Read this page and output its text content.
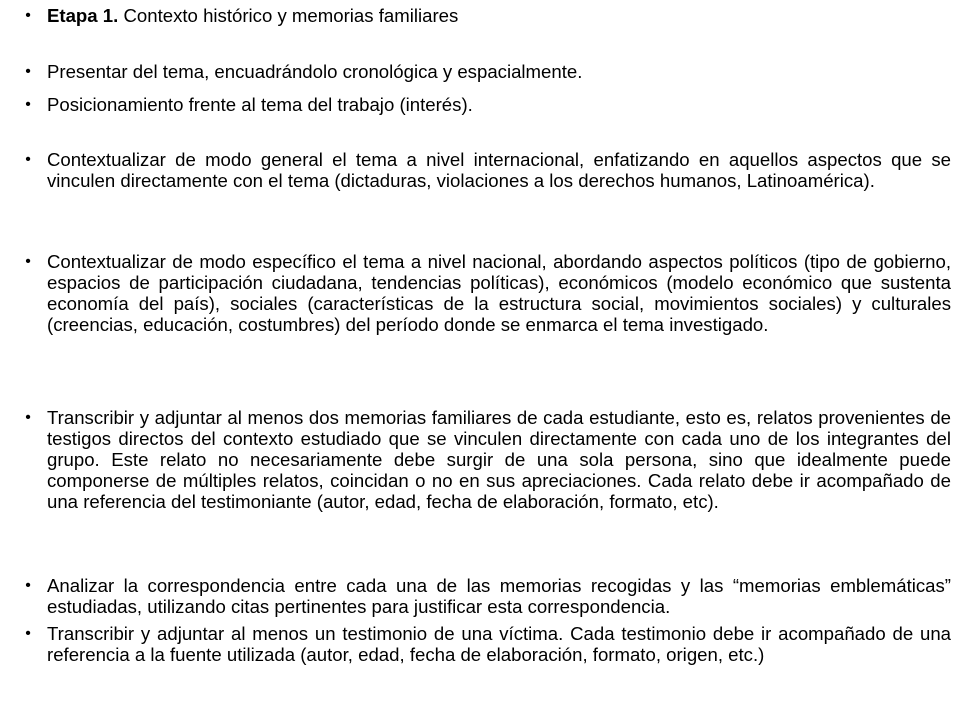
• Etapa 1. Contexto histórico y memorias familiares
• Presentar del tema, encuadrándolo cronológica y espacialmente.
• Posicionamiento frente al tema del trabajo (interés).
• Contextualizar de modo general el tema a nivel internacional, enfatizando en aquellos aspectos que se vinculen directamente con el tema (dictaduras, violaciones a los derechos humanos, Latinoamérica).
• Contextualizar de modo específico el tema a nivel nacional, abordando aspectos políticos (tipo de gobierno, espacios de participación ciudadana, tendencias políticas), económicos (modelo económico que sustenta economía del país), sociales (características de la estructura social, movimientos sociales) y culturales (creencias, educación, costumbres) del período donde se enmarca el tema investigado.
• Transcribir y adjuntar al menos dos memorias familiares de cada estudiante, esto es, relatos provenientes de testigos directos del contexto estudiado que se vinculen directamente con cada uno de los integrantes del grupo. Este relato no necesariamente debe surgir de una sola persona, sino que idealmente puede componerse de múltiples relatos, coincidan o no en sus apreciaciones. Cada relato debe ir acompañado de una referencia del testimoniante (autor, edad, fecha de elaboración, formato, etc).
• Analizar la correspondencia entre cada una de las memorias recogidas y las “memorias emblemáticas” estudiadas, utilizando citas pertinentes para justificar esta correspondencia.
• Transcribir y adjuntar al menos un testimonio de una víctima. Cada testimonio debe ir acompañado de una referencia a la fuente utilizada (autor, edad, fecha de elaboración, formato, origen, etc.)
